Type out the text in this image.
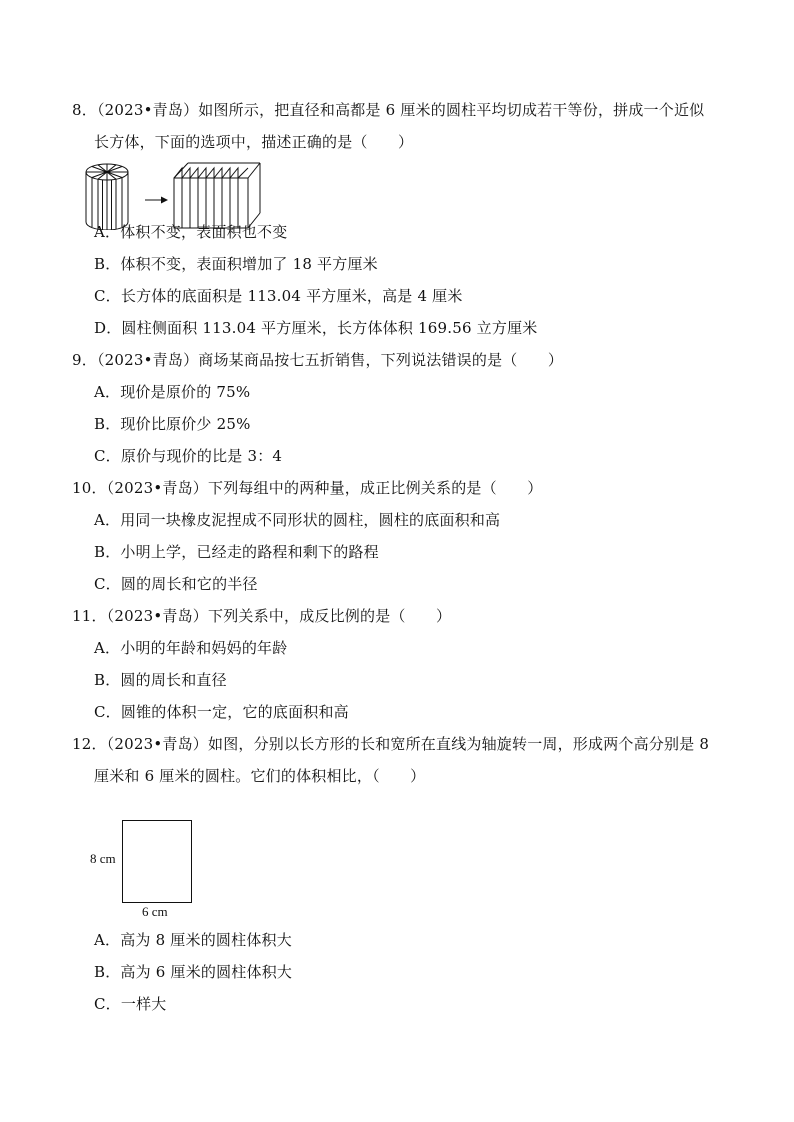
8．（2023•青岛）如图所示，把直径和高都是 6 厘米的圆柱平均切成若干等份，拼成一个近似
长方体，下面的选项中，描述正确的是（　　）
A．体积不变，表面积也不变
B．体积不变，表面积增加了 18 平方厘米
C．长方体的底面积是 113.04 平方厘米，高是 4 厘米
D．圆柱侧面积 113.04 平方厘米，长方体体积 169.56 立方厘米
9．（2023•青岛）商场某商品按七五折销售，下列说法错误的是（　　）
A．现价是原价的 75%
B．现价比原价少 25%
C．原价与现价的比是 3：4
10．（2023•青岛）下列每组中的两种量，成正比例关系的是（　　）
A．用同一块橡皮泥捏成不同形状的圆柱，圆柱的底面积和高
B．小明上学，已经走的路程和剩下的路程
C．圆的周长和它的半径
11．（2023•青岛）下列关系中，成反比例的是（　　）
A．小明的年龄和妈妈的年龄
B．圆的周长和直径
C．圆锥的体积一定，它的底面积和高
12．（2023•青岛）如图，分别以长方形的长和宽所在直线为轴旋转一周，形成两个高分别是 8
厘米和 6 厘米的圆柱。它们的体积相比，（　　）
8 cm
6 cm
A．高为 8 厘米的圆柱体积大
B．高为 6 厘米的圆柱体积大
C．一样大
